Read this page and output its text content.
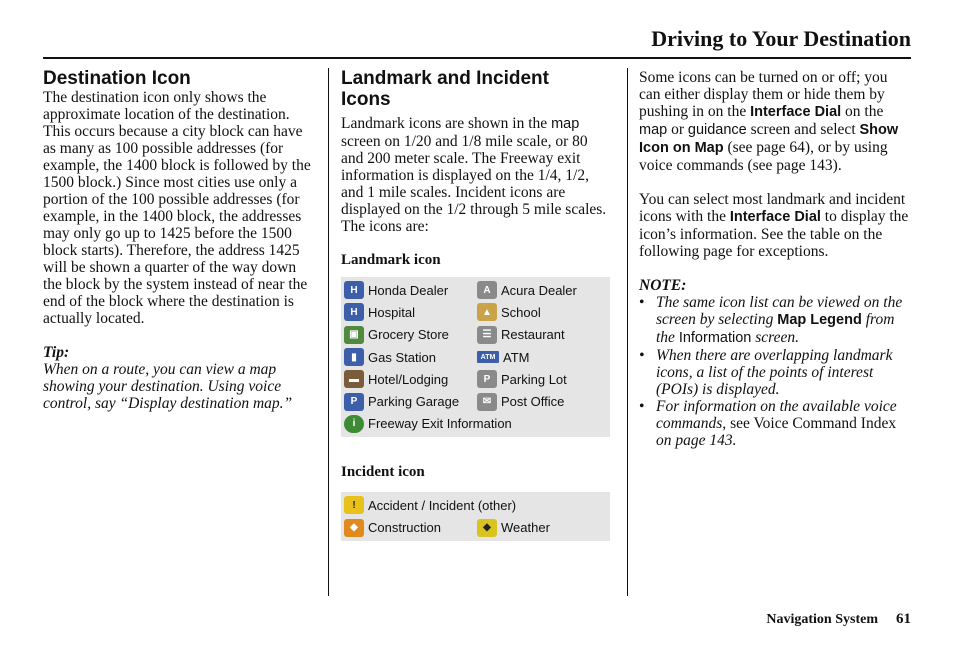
Driving to Your Destination
Destination Icon

The destination icon only shows the approximate location of the destination. This occurs because a city block can have as many as 100 possible addresses (for example, the 1400 block is followed by the 1500 block.) Since most cities use only a portion of the 100 possible addresses (for example, in the 1400 block, the addresses may only go up to 1425 before the 1500 block starts). Therefore, the address 1425 will be shown a quarter of the way down the block by the system instead of near the end of the block where the destination is actually located.

Tip:

When on a route, you can view a map showing your destination. Using voice control, say “Display destination map.”

Landmark and Incident Icons

Landmark icons are shown in the map screen on 1/20 and 1/8 mile scale, or 80 and 200 meter scale. The Freeway exit information is displayed on the 1/4, 1/2, and 1 mile scales. Incident icons are displayed on the 1/2 through 5 mile scales. The icons are:

Landmark icon

H Honda Dealer	A Acura Dealer
H Hospital	▲ School
▣ Grocery Store	☰ Restaurant
▮ Gas Station	ATM ATM
▬ Hotel/Lodging	P Parking Lot
P Parking Garage	✉ Post Office
i Freeway Exit Information

Incident icon

! Accident / Incident (other)
◆ Construction	◆ Weather

Some icons can be turned on or off; you can either display them or hide them by pushing in on the Interface Dial on the map or guidance screen and select Show Icon on Map (see page 64), or by using voice commands (see page 143).

You can select most landmark and incident icons with the Interface Dial to display the icon’s information. See the table on the following page for exceptions.

NOTE:

• The same icon list can be viewed on the screen by selecting Map Legend from the Information screen.
• When there are overlapping landmark icons, a list of the points of interest (POIs) is displayed.
• For information on the available voice commands, see Voice Command Index on page 143.
Navigation System 61
